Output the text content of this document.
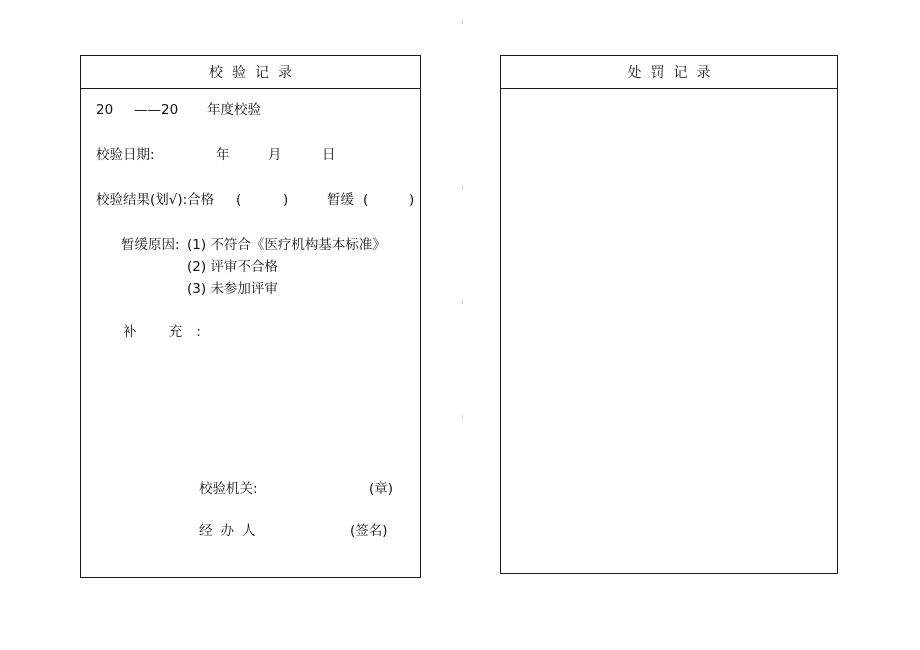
校验记录
20 ——20 年度校验
校验日期:	年	月	日
校验结果(划√):合格 (	)	暂缓 (	)
暂缓原因: (1) 不符合《医疗机构基本标准》
(2) 评审不合格
(3) 未参加评审
补 充:
校验机关:	(章)
经办人	(签名)
处罚记录
